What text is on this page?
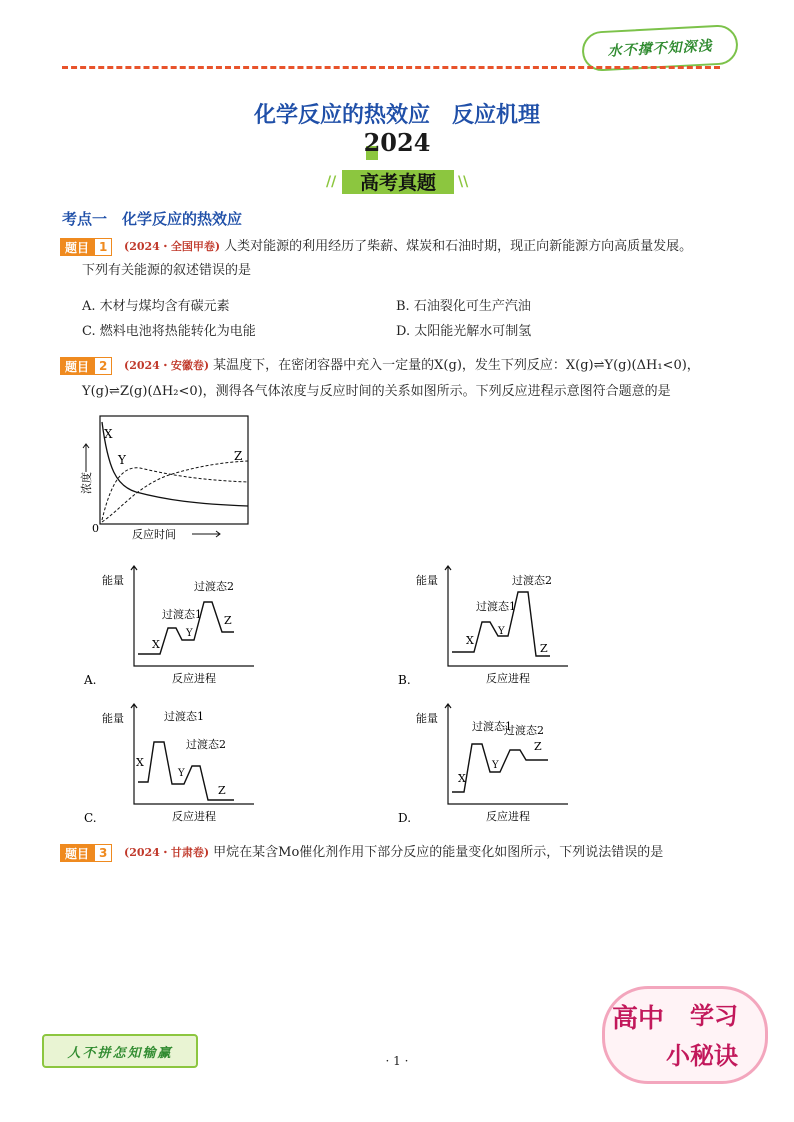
水不撑不知深浅
化学反应的热效应　反应机理
2024
//	高考真题	\\
考点一　化学反应的热效应
题目 1	(2024・全国甲卷) 人类对能源的利用经历了柴薪、煤炭和石油时期，现正向新能源方向高质量发展。
下列有关能源的叙述错误的是
A. 木材与煤均含有碳元素	B. 石油裂化可生产汽油
C. 燃料电池将热能转化为电能	D. 太阳能光解水可制氢
题目 2	(2024・安徽卷) 某温度下，在密闭容器中充入一定量的X(g)，发生下列反应：X(g)⇌Y(g)(ΔH₁<0)，
Y(g)⇌Z(g)(ΔH₂<0)，测得各气体浓度与反应时间的关系如图所示。下列反应进程示意图符合题意的是
X
Y	Z
0	反应时间
浓度
能量
反应进程
A.
过渡态1
过渡态2
X
Y
Z
能量
反应进程
B.
过渡态1
过渡态2
X
Y
Z
能量
反应进程
C.
过渡态1
过渡态2
X
Y
Z
能量
反应进程
D.
过渡态1
过渡态2
X
Y
Z
题目 3	(2024・甘肃卷) 甲烷在某含Mo催化剂作用下部分反应的能量变化如图所示，下列说法错误的是
人不拼怎知输赢
· 1 ·
高中 学习
小秘诀
